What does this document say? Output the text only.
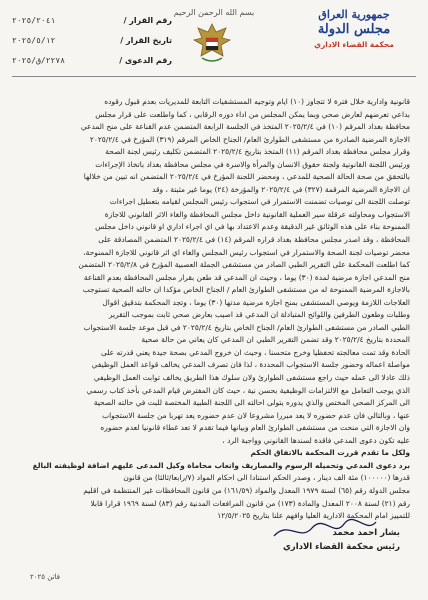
جمهورية العراق
مجلس الدولة
محكمة القضاء الاداري
بسم الله الرحمن الرحيم
رقم القرار /
٢٠٢٥/٢٠٤١
تاريخ القرار /
٢٠٢٥/٥/١٢
رقم الدعوى /
٢٢٧٨/ق/٢٠٢٥
قانونية وادارية خلال فترة لا تتجاوز (١٠) ايام وتوجيه المستشفيات التابعة للمديريات بعدم قبول رقوده
بداعي تعرضهم لعارض صحي وبما يمكن المجلس من اداء دوره الرقابي ، كما واطلعت على قرار مجلس
محافظة بغداد المرقم (١٠) في ٢٠٢٥/٢/٤ المتخذ في الجلسة الرابعة المتضمن عدم القناعة على منح المدعي
الاجازة المرضية الصادرة من مستشفى الطوارئ العام/ الجناح الخاص المرقم (٣١٩) المؤرخ في ٢٠٢٥/٢/٤
وقرار مجلس محافظة بغداد المرقم (١١) المتخذ بتاريخ ٢٠٢٥/٢/٤ المتضمن تكليف رئيس لجنة الصحة
ورئيس اللجنة القانونية ولجنة حقوق الانسان والمرأة والاسرة في مجلس محافظة بغداد باتخاذ الإجراءات
بالتحقق من صحة الحالة الصحية للمدعي ، ومحضر اللجنة المؤرخ في ٢٠٢٥/٢/٤ المتضمن انه تبين من خلالها
ان الاجازة المرضية المرقمة (٣٢٧) في ٢٠٢٥/٢/٤ والمؤرخة (٢٤) يوما غير مثبتة ، وقد
توصلت اللجنة الى توصيات تضمنت الاستمرار في استجواب رئيس المجلس لقيامه بتعطيل اجراءات
الاستجواب ومحاولته عرقلة سير العملية القانونية داخل مجلس المحافظة والغاء الاثر القانوني للاجازة
الممنوحة بناء على هذه الوثائق غير الدقيقة وعدم الاعتداد بها في اي اجراء اداري او قانوني داخل مجلس
المحافظة ، وقد اصدر مجلس محافظة بغداد قراره المرقم (١٤) في ٢٠٢٥/٢/٤ المتضمن المصادقة على
محضر توصيات لجنة الصحة والاستمرار في استجواب رئيس المجلس والغاء اي اثر قانوني للاجازة الممنوحة،
كما اطلعت المحكمة على التقرير الطبي الصادر من مستشفى الجملة العصبية المؤرخ في ٢٠٢٥/٢/٨ المتضمن
منح المدعي اجازة مرضية لمدة (٣٠) يوما ، وحيث ان المدعي قد طعن بقرار مجلس المحافظة بعدم القناعة
بالاجازة المرضية الممنوحة له من مستشفى الطوارئ العام / الجناح الخاص مؤكدا ان حالته الصحية تستوجب
العلاجات اللازمة ويوصي المستشفى بمنح اجازة مرضية مدتها (٣٠) يوما ، وتجد المحكمة بتدقيق اقوال
وطلبات وطعون الطرفين واللوائح المتبادلة ان المدعي قد اصيب بعارض صحي ثابت بموجب التقرير
الطبي الصادر من مستشفى الطوارئ العام/ الجناح الخاص بتاريخ ٢٠٢٥/٢/٤ في قبل موعد جلسة الاستجواب
المحددة بتاريخ ٢٠٢٥/٢/٤ وقد تضمن التقرير الطبي ان المدعي كان يعاني من حالة صحية
الحادة وقد تمت معالجته تحفظيا وخرج متحسنا ، وحيث ان خروج المدعي بصحة جيدة يعني قدرته على
مواصلة اعماله وحضور جلسة الاستجواب المحددة ، لذا فان تصرف المدعي يخالف قواعد العمل الوظيفي
ذلك عادلا الى عمله حيث راجع مستشفى الطوارئ ولان سلوك هذا الطريق يخالف توابت العمل الوظيفي
الذي يوجب التعامل مع الالتزامات الوظيفية بحسن نية ، حيث كان المفترض قيام المدعي بأخذ كتاب رسمي
الى المركز الصحي المختص والذي يدوره يتولى احالته الى اللجنة الطبية المختصة للبت في حالته الصحية
عنها ، وبالتالي فان عدم حضوره لا يعد مبررا مشروعا لان عدم حضوره يعد تهربا من جلسة الاستجواب
وان الاجازة التي منحت من مستشفى الطوارئ العام وبيانها فيما تقدم لا تعد غطاء قانونيا لعدم حضوره
عليه تكون دعوى المدعي فاقدة لسندها القانوني وواجبة الرد ،
ولكل ما تقدم قررت المحكمة بالاتفاق الحكم
برد دعوى المدعي وتحميله الرسوم والمصاريف واتعاب محاماة وكيل المدعى عليهم اضافة لوظيفته البالغ
قدرها (١٠٠٠٠٠) مئة الف دينار ، وصدر الحكم استنادا الى احكام المواد (٧/رابعا/ثالثا) من قانون
مجلس الدولة رقم (٦٥) لسنة ١٩٧٩ المعدل والمواد (١٦١/٥٩) من قانون المحافظات غير المنتظمة في اقليم
رقم (٢١) لسنة ٢٠٠٨ المعدل والمادة (١٧٣) من قانون المرافعات المدنية رقم (٨٣) لسنة ١٩٦٩ قرارا قابلا
للتمييز امام المحكمة الادارية العليا وافهم علنا بتاريخ ١٢/٥/٢٠٢٥
بشار احمد محمد
رئيس محكمة القضاء الاداري
فاتن ٢٠٢٥
